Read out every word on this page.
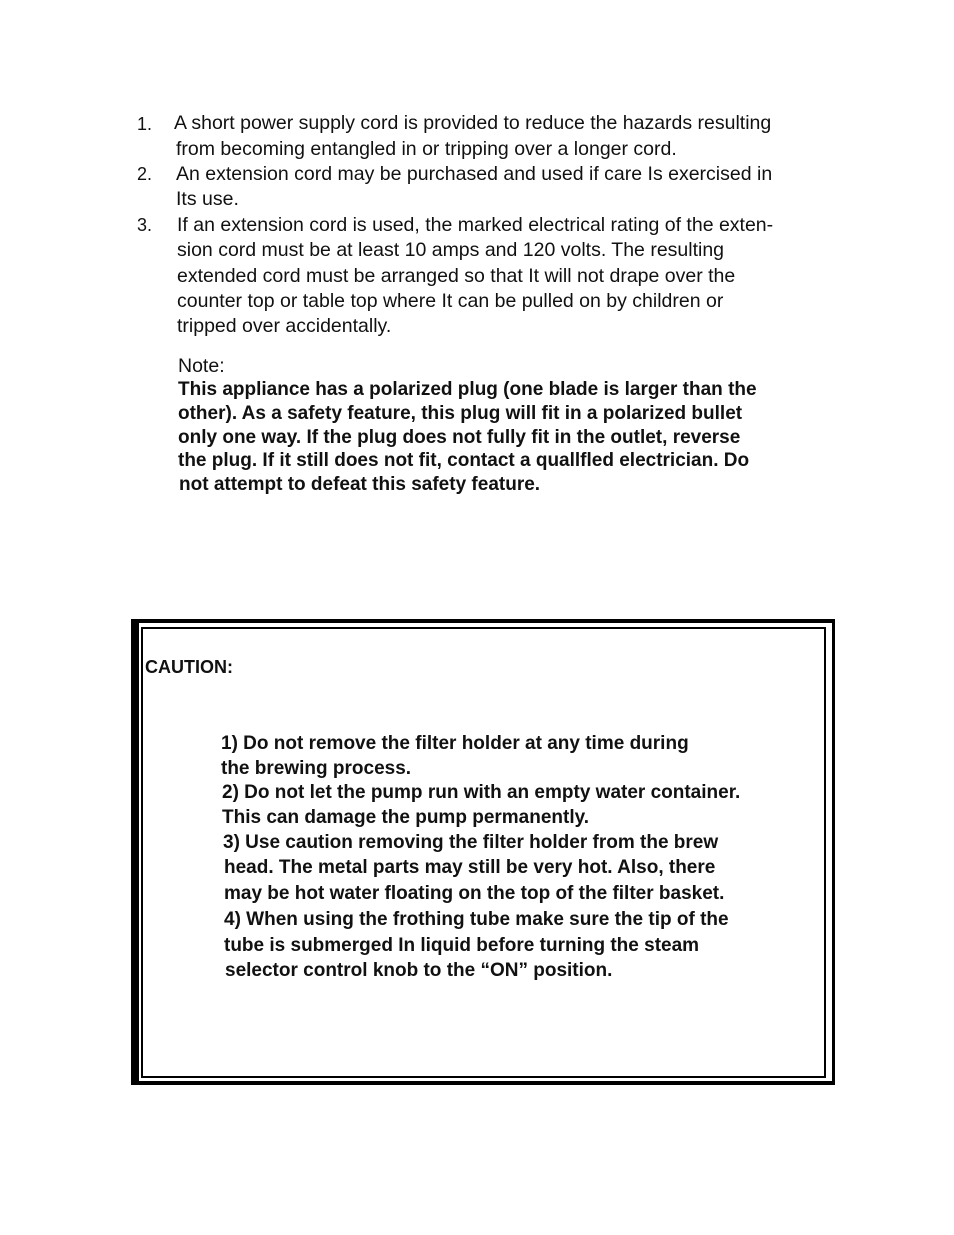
1. A short power supply cord is provided to reduce the hazards resulting
from becoming entangled in or tripping over a longer cord.
2. An extension cord may be purchased and used if care Is exercised in
Its use.
3. If an extension cord is used, the marked electrical rating of the exten-
sion cord must be at least 10 amps and 120 volts. The resulting
extended cord must be arranged so that It will not drape over the
counter top or table top where It can be pulled on by children or
tripped over accidentally.
Note:
This appliance has a polarized plug (one blade is larger than the
other). As a safety feature, this plug will fit in a polarized bullet
only one way. If the plug does not fully fit in the outlet, reverse
the plug. If it still does not fit, contact a quallfled electrician. Do
not attempt to defeat this safety feature.
CAUTION:
1) Do not remove the filter holder at any time during
the brewing process.
2) Do not let the pump run with an empty water container.
This can damage the pump permanently.
3) Use caution removing the filter holder from the brew
head. The metal parts may still be very hot. Also, there
may be hot water floating on the top of the filter basket.
4) When using the frothing tube make sure the tip of the
tube is submerged In liquid before turning the steam
selector control knob to the “ON” position.
